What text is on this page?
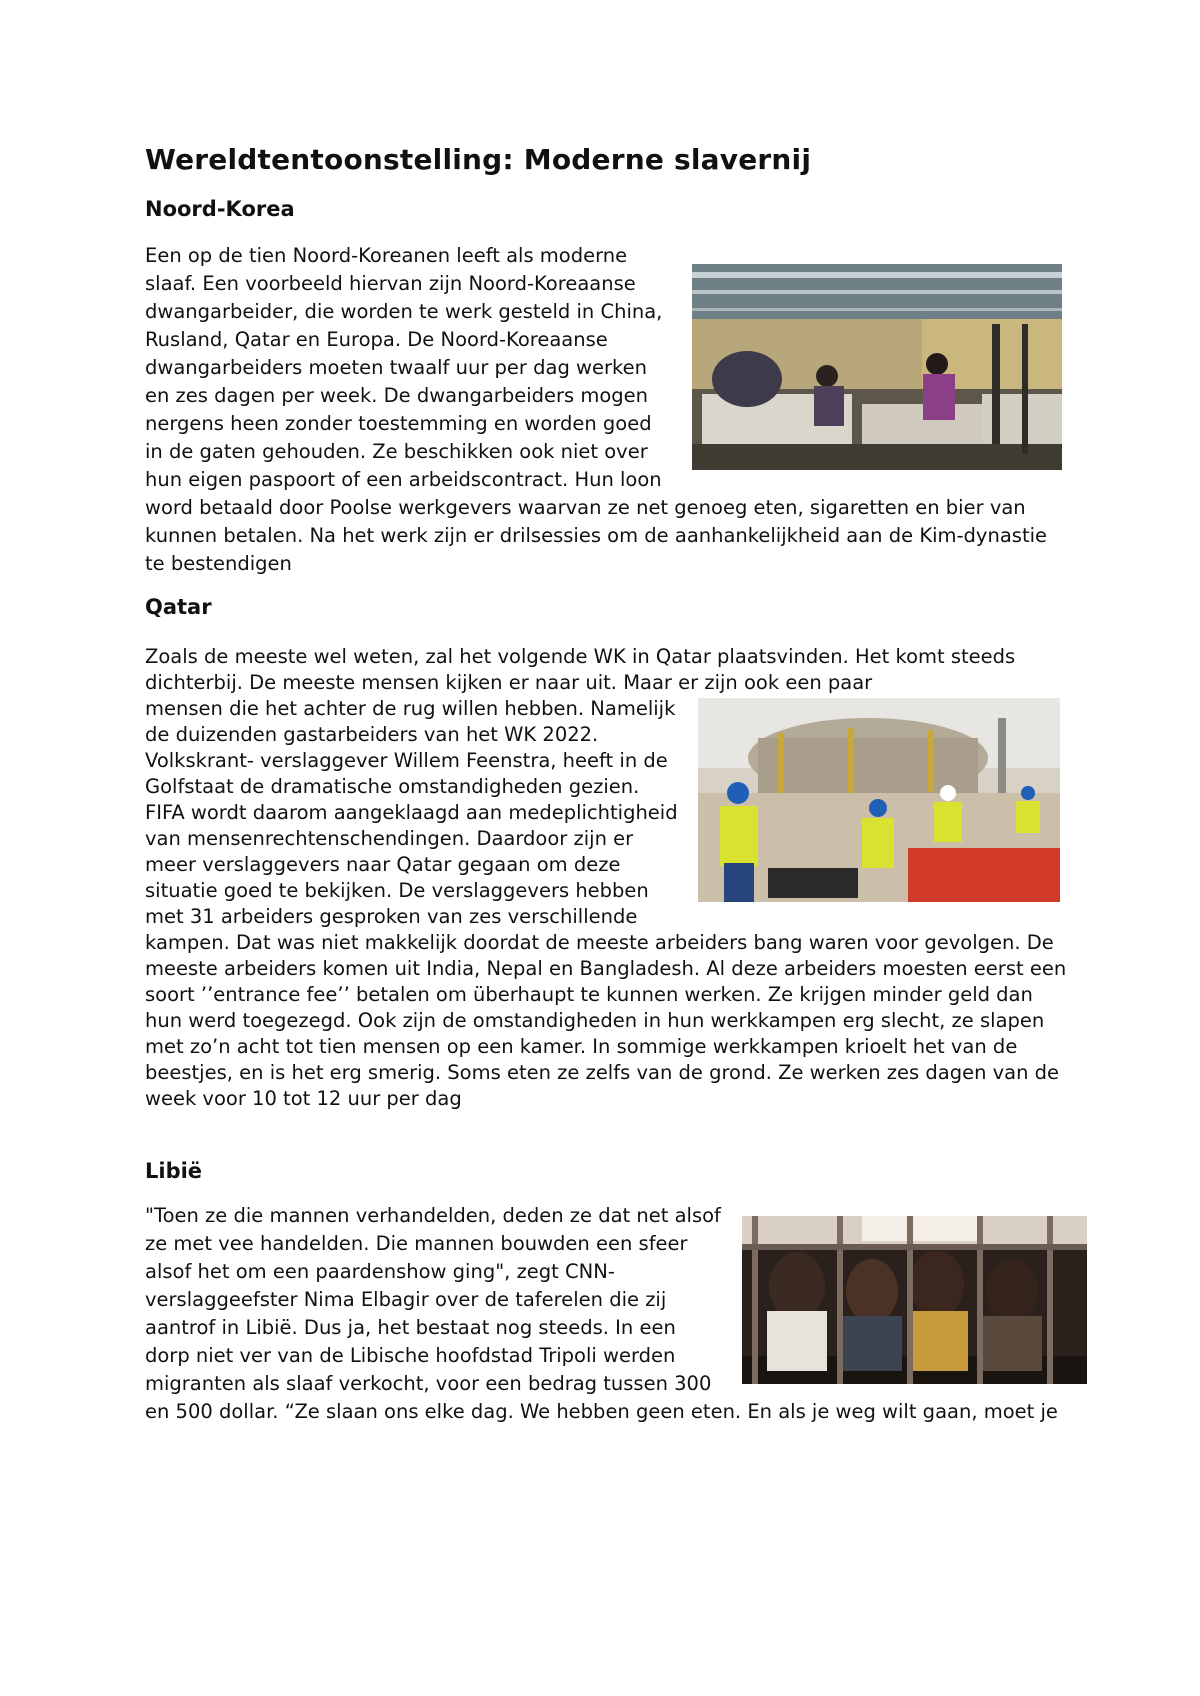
Wereldtentoonstelling: Moderne slavernij
Noord-Korea

Een op de tien Noord-Koreanen leeft als moderne slaaf. Een voorbeeld hiervan zijn Noord-Koreaanse dwangarbeider, die worden te werk gesteld in China, Rusland, Qatar en Europa. De Noord-Koreaanse dwangarbeiders moeten twaalf uur per dag werken en zes dagen per week. De dwangarbeiders mogen nergens heen zonder toestemming en worden goed in de gaten gehouden. Ze beschikken ook niet over hun eigen paspoort of een arbeidscontract. Hun loon word betaald door Poolse werkgevers waarvan ze net genoeg eten, sigaretten en bier van kunnen betalen. Na het werk zijn er drilsessies om de aanhankelijkheid aan de Kim-dynastie te bestendigen

Qatar

Zoals de meeste wel weten, zal het volgende WK in Qatar plaatsvinden. Het komt steeds dichterbij. De meeste mensen kijken er naar uit. Maar er zijn ook een paar

mensen die het achter de rug willen hebben. Namelijk de duizenden gastarbeiders van het WK 2022. Volkskrant- verslaggever Willem Feenstra, heeft in de Golfstaat de dramatische omstandigheden gezien. FIFA wordt daarom aangeklaagd aan medeplichtigheid van mensenrechtenschendingen. Daardoor zijn er meer verslaggevers naar Qatar gegaan om deze situatie goed te bekijken. De verslaggevers hebben met 31 arbeiders gesproken van zes verschillende kampen. Dat was niet makkelijk doordat de meeste arbeiders bang waren voor gevolgen. De meeste arbeiders komen uit India, Nepal en Bangladesh. Al deze arbeiders moesten eerst een soort ’’entrance fee’’ betalen om überhaupt te kunnen werken. Ze krijgen minder geld dan hun werd toegezegd. Ook zijn de omstandigheden in hun werkkampen erg slecht, ze slapen met zo’n acht tot tien mensen op een kamer. In sommige werkkampen krioelt het van de beestjes, en is het erg smerig. Soms eten ze zelfs van de grond. Ze werken zes dagen van de week voor 10 tot 12 uur per dag

Libië

"Toen ze die mannen verhandelden, deden ze dat net alsof ze met vee handelden. Die mannen bouwden een sfeer alsof het om een paardenshow ging", zegt CNN-verslaggeefster Nima Elbagir over de taferelen die zij aantrof in Libië. Dus ja, het bestaat nog steeds. In een dorp niet ver van de Libische hoofdstad Tripoli werden migranten als slaaf verkocht, voor een bedrag tussen 300 en 500 dollar. “Ze slaan ons elke dag. We hebben geen eten. En als je weg wilt gaan, moet je
